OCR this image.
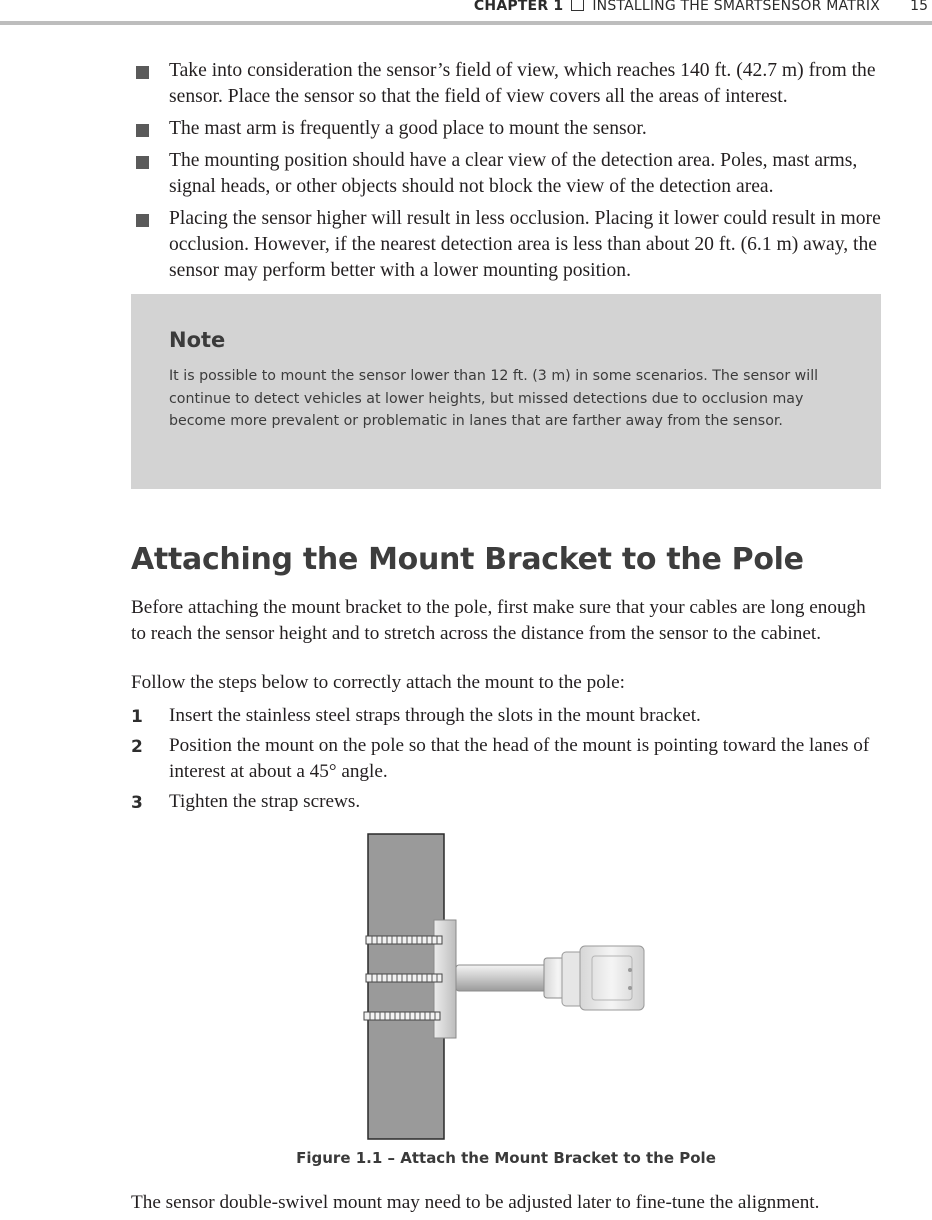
CHAPTER 1 INSTALLING THE SMARTSENSOR MATRIX 15
Take into consideration the sensor’s field of view, which reaches 140 ft. (42.7 m) from the sensor. Place the sensor so that the field of view covers all the areas of interest.
The mast arm is frequently a good place to mount the sensor.
The mounting position should have a clear view of the detection area. Poles, mast arms, signal heads, or other objects should not block the view of the detection area.
Placing the sensor higher will result in less occlusion. Placing it lower could result in more occlusion. However, if the nearest detection area is less than about 20 ft. (6.1 m) away, the sensor may perform better with a lower mounting position.
Note
It is possible to mount the sensor lower than 12 ft. (3 m) in some scenarios. The sensor will continue to detect vehicles at lower heights, but missed detections due to occlusion may become more prevalent or problematic in lanes that are farther away from the sensor.
Attaching the Mount Bracket to the Pole

Before attaching the mount bracket to the pole, first make sure that your cables are long enough to reach the sensor height and to stretch across the distance from the sensor to the cabinet.

Follow the steps below to correctly attach the mount to the pole:

1 Insert the stainless steel straps through the slots in the mount bracket.
2 Position the mount on the pole so that the head of the mount is pointing toward the lanes of interest at about a 45° angle.
3 Tighten the strap screws.
Figure 1.1 – Attach the Mount Bracket to the Pole

The sensor double-swivel mount may need to be adjusted later to fine-tune the alignment.
